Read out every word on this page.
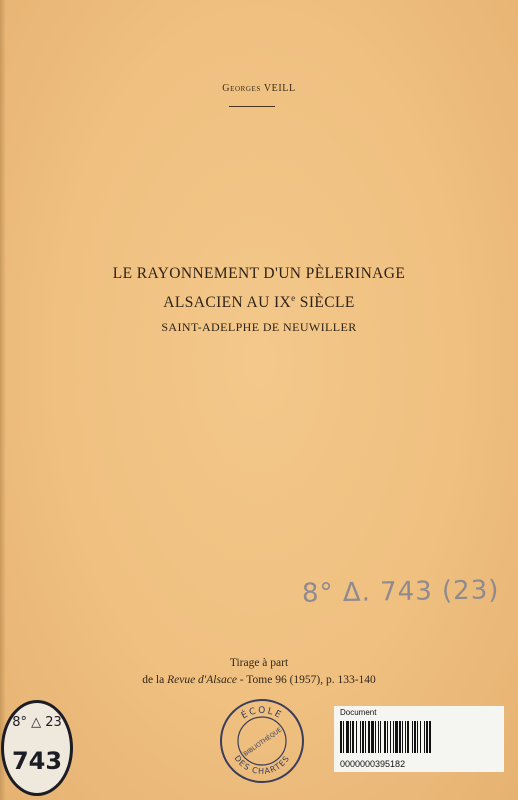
Georges VEILL
LE RAYONNEMENT D'UN PÈLERINAGE
ALSACIEN AU IXe SIÈCLE
SAINT-ADELPHE DE NEUWILLER
8° Δ. 743 (23)
Tirage à part
de la Revue d'Alsace - Tome 96 (1957), p. 133-140
8° △ 23
743
ÉCOLE
BIBLIOTHÈQUE
DES CHARTES
Document
0000000395182
